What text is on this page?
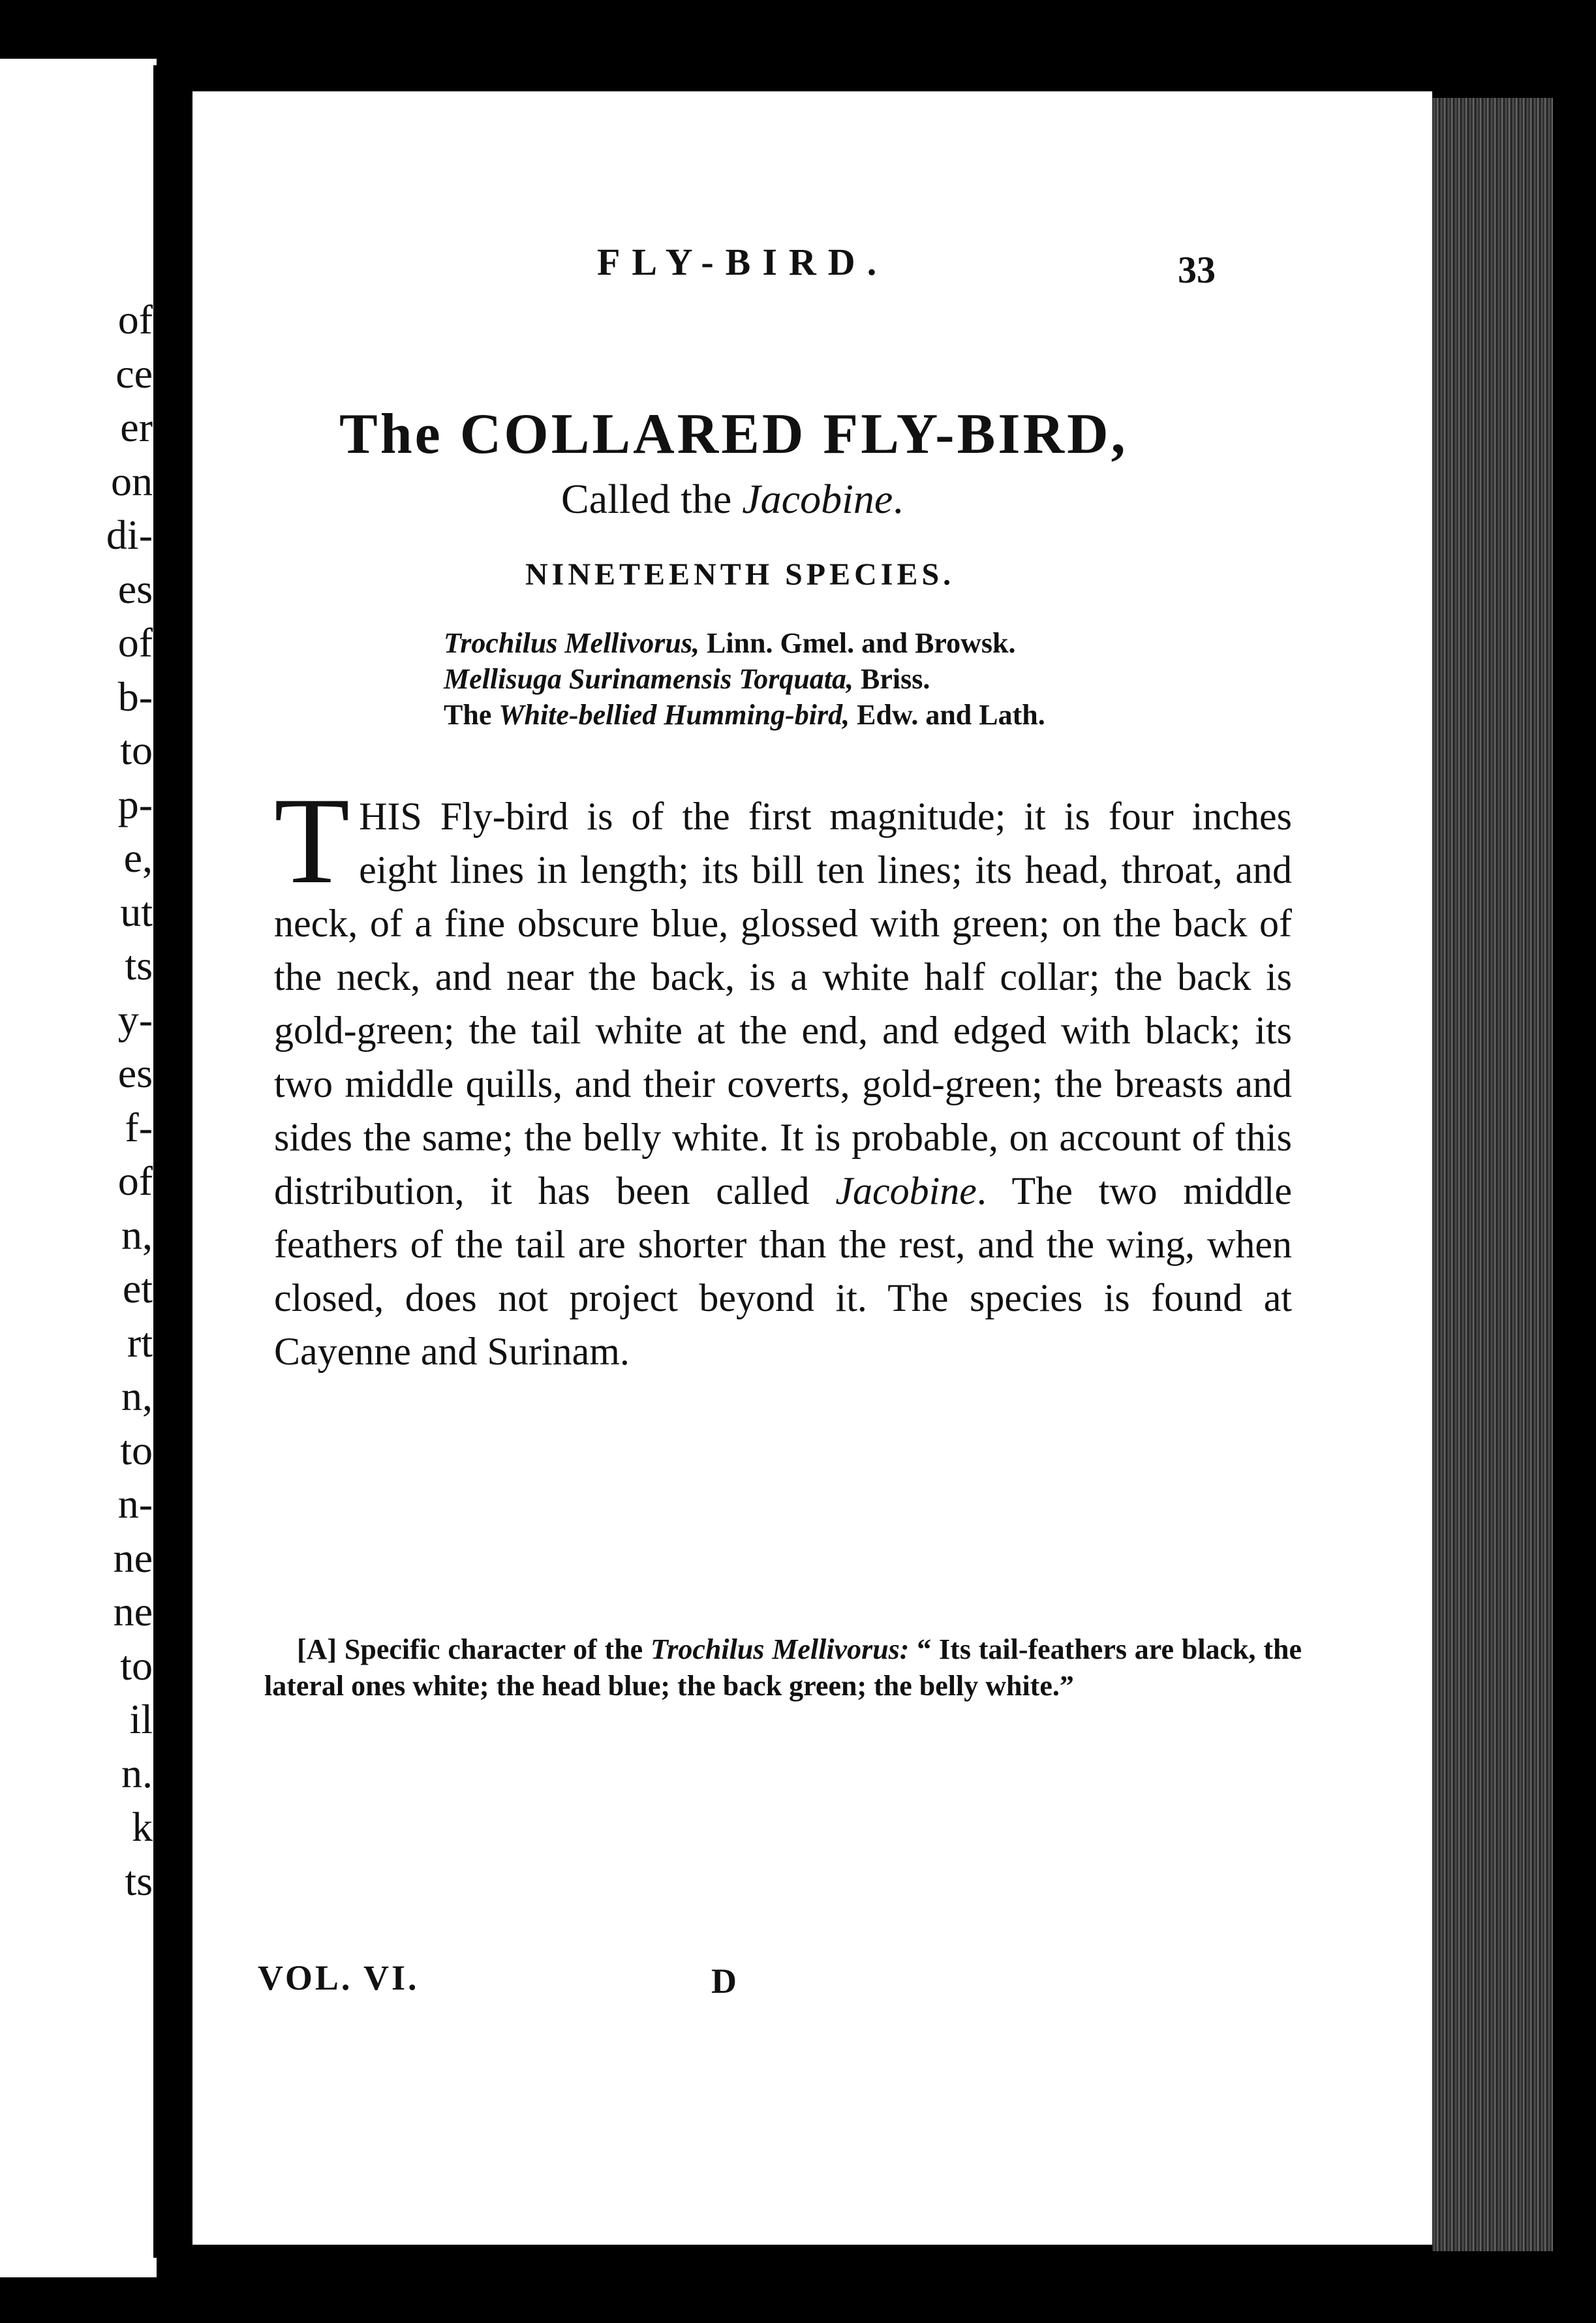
of
ce
er
on
di-
es
of
b-
to
p-
e,
ut
ts
y-
es
f-
of
n,
et
rt
n,
to
n-
ne
ne
to
il
n.
k
ts
FLY-BIRD.	33
The COLLARED FLY-BIRD,
Called the Jacobine.
NINETEENTH SPECIES.
Trochilus Mellivorus, Linn. Gmel. and Browsk.
Mellisuga Surinamensis Torquata, Briss.
The White-bellied Humming-bird, Edw. and Lath.

THIS Fly-bird is of the first magnitude; it is four inches eight lines in length; its bill ten lines; its head, throat, and neck, of a fine obscure blue, glossed with green; on the back of the neck, and near the back, is a white half collar; the back is gold-green; the tail white at the end, and edged with black; its two middle quills, and their coverts, gold-green; the breasts and sides the same; the belly white. It is probable, on account of this distribution, it has been called Jacobine. The two middle feathers of the tail are shorter than the rest, and the wing, when closed, does not project beyond it. The species is found at Cayenne and Surinam.

[A] Specific character of the Trochilus Mellivorus: “ Its tail-feathers are black, the lateral ones white; the head blue; the back green; the belly white.”

VOL. VI.	D
